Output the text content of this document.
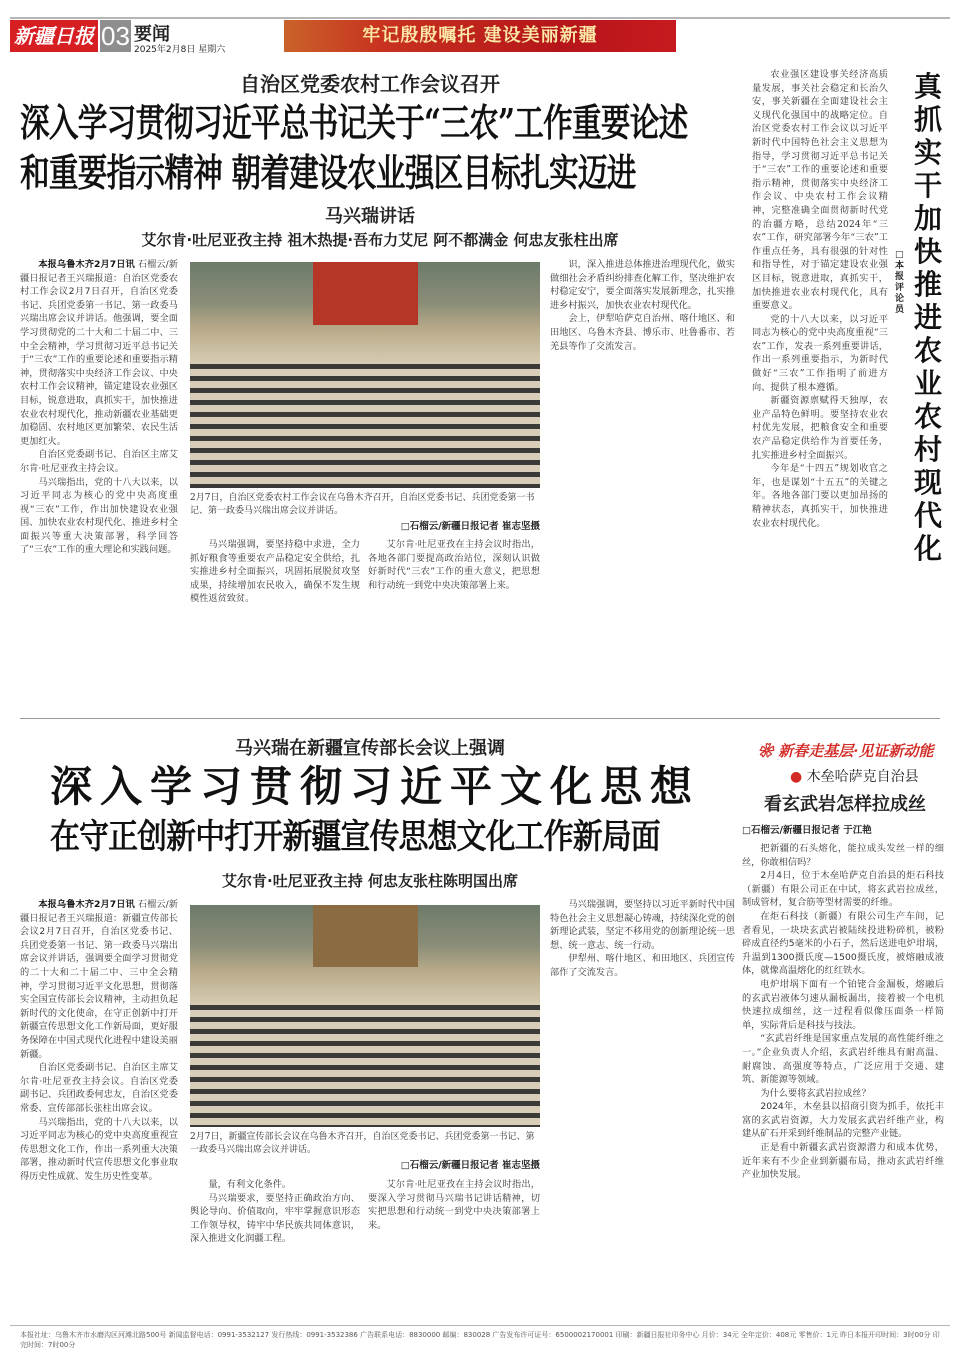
新疆日报 03 要闻
2025年2月8日 星期六
牢记殷殷嘱托 建设美丽新疆
自治区党委农村工作会议召开
深入学习贯彻习近平总书记关于“三农”工作重要论述
和重要指示精神 朝着建设农业强区目标扎实迈进
马兴瑞讲话
艾尔肯·吐尼亚孜主持 祖木热提·吾布力艾尼 阿不都满金 何忠友张柱出席

本报乌鲁木齐2月7日讯 石榴云/新疆日报记者王兴瑞报道：自治区党委农村工作会议2月7日召开，自治区党委书记、兵团党委第一书记、第一政委马兴瑞出席会议并讲话。他强调，要全面学习贯彻党的二十大和二十届二中、三中全会精神，学习贯彻习近平总书记关于“三农”工作的重要论述和重要指示精神，贯彻落实中央经济工作会议、中央农村工作会议精神，锚定建设农业强区目标，锐意进取，真抓实干，加快推进农业农村现代化，推动新疆农业基础更加稳固、农村地区更加繁荣、农民生活更加红火。

自治区党委副书记、自治区主席艾尔肯·吐尼亚孜主持会议。

马兴瑞指出，党的十八大以来，以习近平同志为核心的党中央高度重视“三农”工作，作出加快建设农业强国、加快农业农村现代化、推进乡村全面振兴等重大决策部署，科学回答了“三农”工作的重大理论和实践问题。

2月7日，自治区党委农村工作会议在乌鲁木齐召开，自治区党委书记、兵团党委第一书记、第一政委马兴瑞出席会议并讲话。
□石榴云/新疆日报记者 崔志坚摄

马兴瑞强调，要坚持稳中求进，全力抓好粮食等重要农产品稳定安全供给，扎实推进乡村全面振兴，巩固拓展脱贫攻坚成果，持续增加农民收入，确保不发生规模性返贫致贫。

艾尔肯·吐尼亚孜在主持会议时指出，各地各部门要提高政治站位，深刻认识做好新时代“三农”工作的重大意义，把思想和行动统一到党中央决策部署上来。

识，深入推进总体推进治理现代化，做实做细社会矛盾纠纷排查化解工作，坚决维护农村稳定安宁，要全面落实发展新理念，扎实推进乡村振兴，加快农业农村现代化。

会上，伊犁哈萨克自治州、喀什地区、和田地区、乌鲁木齐县、博乐市、吐鲁番市、若羌县等作了交流发言。

农业强区建设事关经济高质量发展，事关社会稳定和长治久安，事关新疆在全面建设社会主义现代化强国中的战略定位。自治区党委农村工作会议以习近平新时代中国特色社会主义思想为指导，学习贯彻习近平总书记关于“三农”工作的重要论述和重要指示精神，贯彻落实中央经济工作会议、中央农村工作会议精神，完整准确全面贯彻新时代党的治疆方略，总结2024年“三农”工作，研究部署今年“三农”工作重点任务，具有很强的针对性和指导性，对于锚定建设农业强区目标，锐意进取，真抓实干，加快推进农业农村现代化，具有重要意义。

党的十八大以来，以习近平同志为核心的党中央高度重视“三农”工作，发表一系列重要讲话，作出一系列重要指示，为新时代做好“三农”工作指明了前进方向、提供了根本遵循。

新疆资源禀赋得天独厚，农业产品特色鲜明。要坚持农业农村优先发展，把粮食安全和重要农产品稳定供给作为首要任务，扎实推进乡村全面振兴。

今年是“十四五”规划收官之年，也是谋划“十五五”的关键之年。各地各部门要以更加昂扬的精神状态，真抓实干，加快推进农业农村现代化。

真抓实干 加快推进农业农村现代化
□本报评论员
马兴瑞在新疆宣传部长会议上强调
深入学习贯彻习近平文化思想
在守正创新中打开新疆宣传思想文化工作新局面
艾尔肯·吐尼亚孜主持 何忠友张柱陈明国出席

本报乌鲁木齐2月7日讯 石榴云/新疆日报记者王兴瑞报道：新疆宣传部长会议2月7日召开，自治区党委书记、兵团党委第一书记、第一政委马兴瑞出席会议并讲话，强调要全面学习贯彻党的二十大和二十届二中、三中全会精神，学习贯彻习近平文化思想，贯彻落实全国宣传部长会议精神，主动担负起新时代的文化使命，在守正创新中打开新疆宣传思想文化工作新局面，更好服务保障在中国式现代化进程中建设美丽新疆。

自治区党委副书记、自治区主席艾尔肯·吐尼亚孜主持会议。自治区党委副书记、兵团政委何忠友，自治区党委常委、宣传部部长张柱出席会议。

马兴瑞指出，党的十八大以来，以习近平同志为核心的党中央高度重视宣传思想文化工作，作出一系列重大决策部署，推动新时代宣传思想文化事业取得历史性成就、发生历史性变革。

2月7日，新疆宣传部长会议在乌鲁木齐召开，自治区党委书记、兵团党委第一书记、第一政委马兴瑞出席会议并讲话。
□石榴云/新疆日报记者 崔志坚摄

量，有利文化条件。

马兴瑞要求，要坚持正确政治方向、舆论导向、价值取向，牢牢掌握意识形态工作领导权，铸牢中华民族共同体意识，深入推进文化润疆工程。

艾尔肯·吐尼亚孜在主持会议时指出，要深入学习贯彻马兴瑞书记讲话精神，切实把思想和行动统一到党中央决策部署上来。

马兴瑞强调，要坚持以习近平新时代中国特色社会主义思想凝心铸魂，持续深化党的创新理论武装，坚定不移用党的创新理论统一思想、统一意志、统一行动。

伊犁州、喀什地区、和田地区、兵团宣传部作了交流发言。

❀ 新春走基层·见证新动能
● 木垒哈萨克自治县
看玄武岩怎样拉成丝
□石榴云/新疆日报记者 于江艳

把新疆的石头熔化，能拉成头发丝一样的细丝，你敢相信吗？

2月4日，位于木垒哈萨克自治县的炬石科技（新疆）有限公司正在中试，将玄武岩拉成丝，制成管材，复合筋等型材需要的纤维。

在炬石科技（新疆）有限公司生产车间，记者看见，一块块玄武岩被陆续投进粉碎机，被粉碎成直径约5毫米的小石子，然后送进电炉坩埚，升温到1300摄氏度—1500摄氏度，被熔融成液体，就像高温熔化的红红铁水。

电炉坩埚下面有一个铂铑合金漏板，熔融后的玄武岩液体匀速从漏板漏出，接着被一个电机快速拉成细丝，这一过程看似像压面条一样简单，实际背后是科技与技法。

“玄武岩纤维是国家重点发展的高性能纤维之一。”企业负责人介绍，玄武岩纤维具有耐高温、耐腐蚀、高强度等特点，广泛应用于交通、建筑、新能源等领域。

为什么要将玄武岩拉成丝？

2024年，木垒县以招商引资为抓手，依托丰富的玄武岩资源，大力发展玄武岩纤维产业，构建从矿石开采到纤维制品的完整产业链。

正是看中新疆玄武岩资源潜力和成本优势，近年来有不少企业到新疆布局，推动玄武岩纤维产业加快发展。

本报社址：乌鲁木齐市水磨沟区河滩北路500号 新闻监督电话：0991-3532127 发行热线：0991-3532386 广告联系电话：8830000 邮编：830028 广告发布许可证号：6500002170001 印刷：新疆日报社印务中心 月价：34元 全年定价：408元 零售价：1元 昨日本报开印时间：3时00分 印完时间：7时00分
